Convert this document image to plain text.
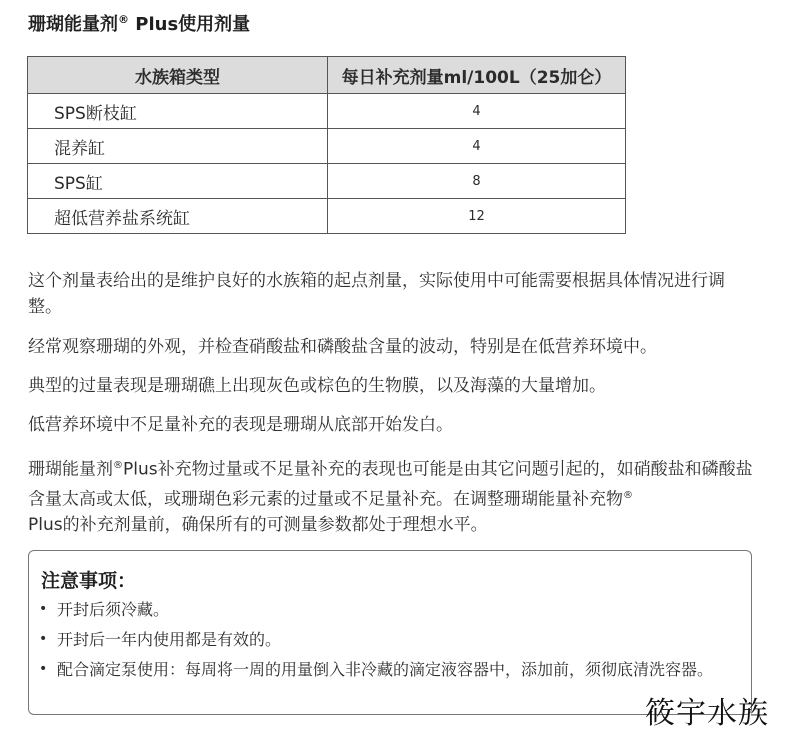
珊瑚能量剂® Plus使用剂量
水族箱类型	每日补充剂量ml/100L（25加仑）
SPS断枝缸	4
混养缸	4
SPS缸	8
超低营养盐系统缸	12
这个剂量表给出的是维护良好的水族箱的起点剂量，实际使用中可能需要根据具体情况进行调整。
经常观察珊瑚的外观，并检查硝酸盐和磷酸盐含量的波动，特别是在低营养环境中。
典型的过量表现是珊瑚礁上出现灰色或棕色的生物膜，以及海藻的大量增加。
低营养环境中不足量补充的表现是珊瑚从底部开始发白。
珊瑚能量剂®Plus补充物过量或不足量补充的表现也可能是由其它问题引起的，如硝酸盐和磷酸盐含量太高或太低，或珊瑚色彩元素的过量或不足量补充。在调整珊瑚能量补充物®
Plus的补充剂量前，确保所有的可测量参数都处于理想水平。
注意事项：
• 开封后须冷藏。
• 开封后一年内使用都是有效的。
• 配合滴定泵使用：每周将一周的用量倒入非冷藏的滴定液容器中，添加前，须彻底清洗容器。
筱宇水族
